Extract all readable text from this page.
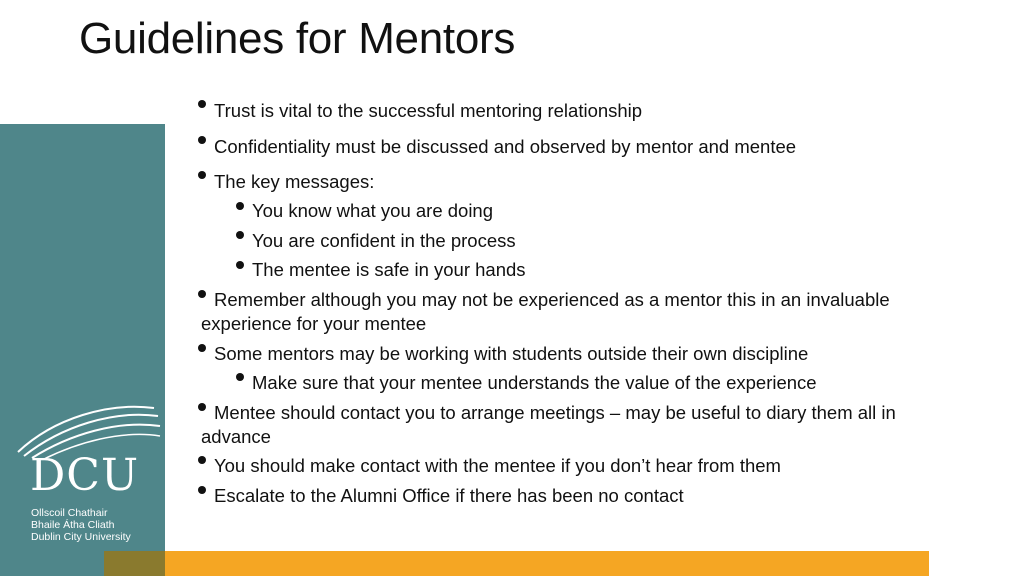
Guidelines for Mentors
DCU
Ollscoil Chathair
Bhaile Átha Cliath
Dublin City University
Trust is vital to the successful mentoring relationship
Confidentiality must be discussed and observed by mentor and mentee
The key messages:
You know what you are doing
You are confident in the process
The mentee is safe in your hands
Remember although you may not be experienced as a mentor this in an invaluable
experience for your mentee
Some mentors may be working with students outside their own discipline
Make sure that your mentee understands the value of the experience
Mentee should contact you to arrange meetings – may be useful to diary them all in
advance
You should make contact with the mentee if you don’t hear from them
Escalate to the Alumni Office if there has been no contact
